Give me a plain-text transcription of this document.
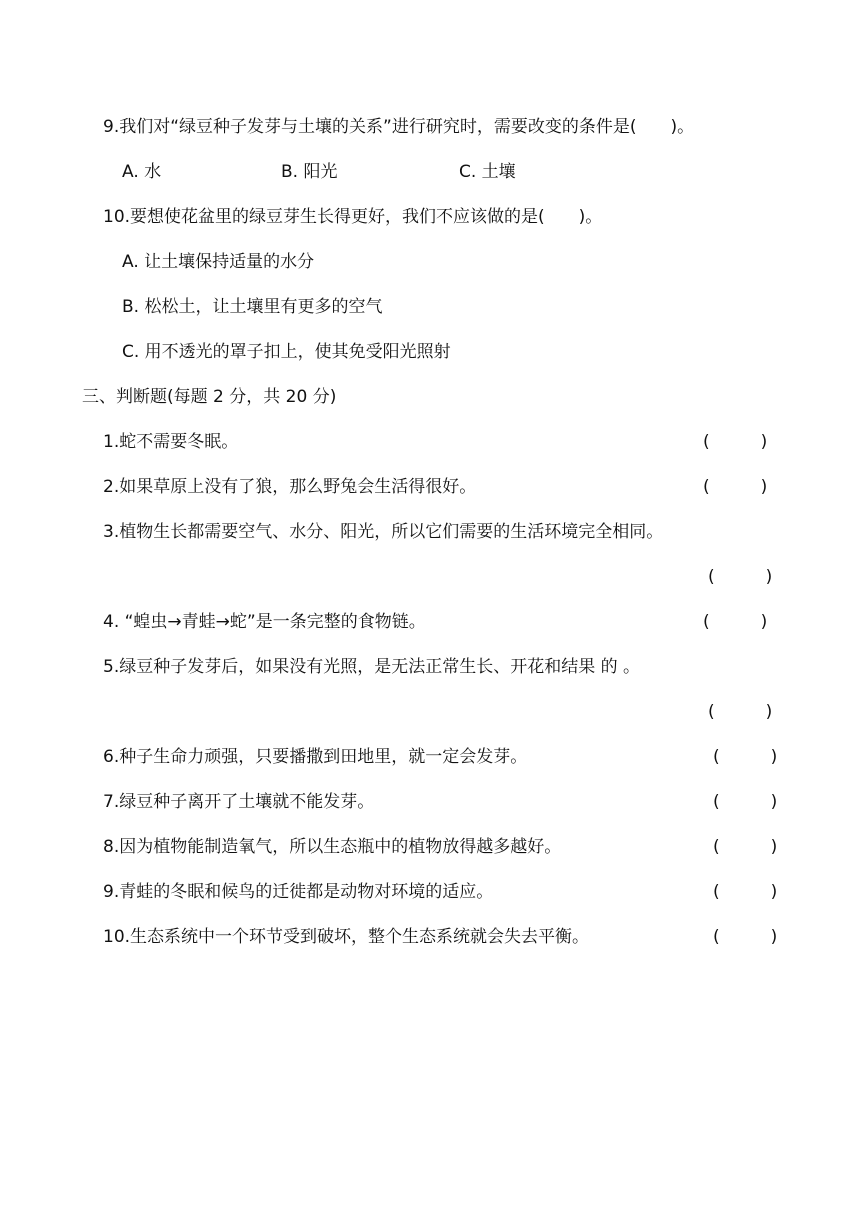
9.我们对“绿豆种子发芽与土壤的关系”进行研究时，需要改变的条件是(　　)。
A. 水	B. 阳光	C. 土壤
10.要想使花盆里的绿豆芽生长得更好，我们不应该做的是(　　)。
A. 让土壤保持适量的水分
B. 松松土，让土壤里有更多的空气
C. 用不透光的罩子扣上，使其免受阳光照射
三、判断题(每题 2 分，共 20 分)
1.蛇不需要冬眠。	(　　　)
2.如果草原上没有了狼，那么野兔会生活得很好。	(　　　)
3.植物生长都需要空气、水分、阳光，所以它们需要的生活环境完全相同。
(　　　)
4. “蝗虫→青蛙→蛇”是一条完整的食物链。	(　　　)
5.绿豆种子发芽后，如果没有光照，是无法正常生长、开花和结果 的 。
(　　　)
6.种子生命力顽强，只要播撒到田地里，就一定会发芽。	(　　　)
7.绿豆种子离开了土壤就不能发芽。	(　　　)
8.因为植物能制造氧气，所以生态瓶中的植物放得越多越好。	(　　　)
9.青蛙的冬眠和候鸟的迁徙都是动物对环境的适应。	(　　　)
10.生态系统中一个环节受到破坏，整个生态系统就会失去平衡。	(　　　)
